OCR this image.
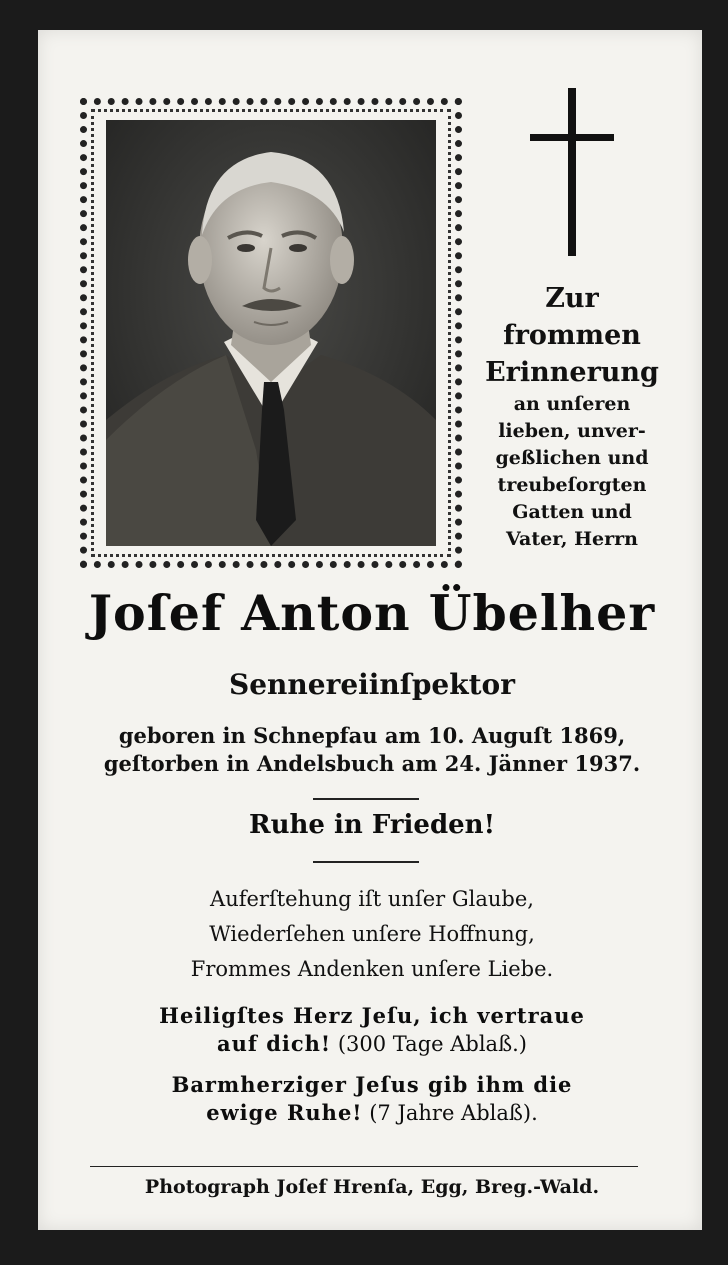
Zur
frommen
Erinnerung
an unſeren
lieben, unver-
geßlichen und
treubeſorgten
Gatten und
Vater, Herrn
Joſef Anton Übelher
Sennereiinſpektor
geboren in Schnepfau am 10. Auguſt 1869,
geſtorben in Andelsbuch am 24. Jänner 1937.
Ruhe in Frieden!
Auferſtehung iſt unſer Glaube,
Wiederſehen unſere Hoffnung,
Frommes Andenken unſere Liebe.
Heiligſtes Herz Jeſu, ich vertraue
auf dich! (300 Tage Ablaß.)
Barmherziger Jeſus gib ihm die
ewige Ruhe! (7 Jahre Ablaß).
Photograph Joſef Hrenſa, Egg, Breg.-Wald.
